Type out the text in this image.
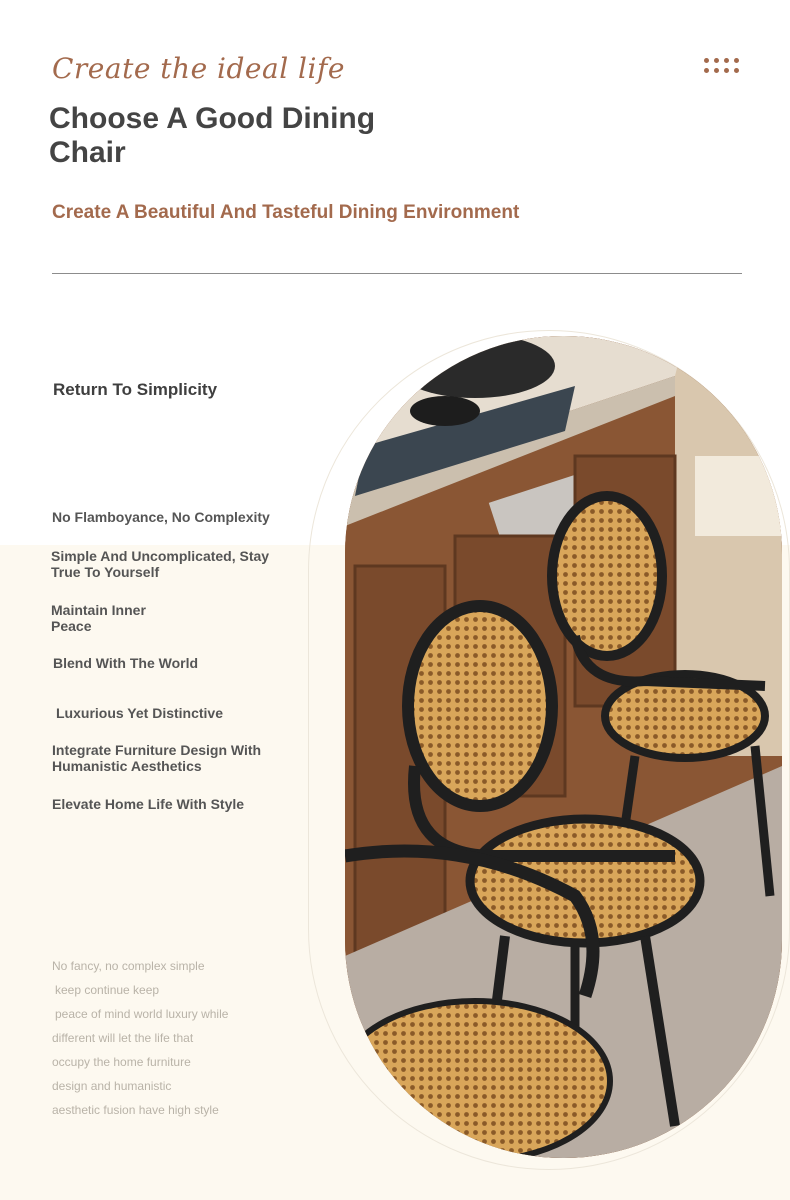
Create the ideal life
Choose A Good Dining Chair
Create A Beautiful And Tasteful Dining Environment
Return To Simplicity
No Flamboyance, No Complexity
Simple And Uncomplicated, Stay True To Yourself
Maintain Inner Peace
Blend With The World
Luxurious Yet Distinctive
Integrate Furniture Design With Humanistic Aesthetics
Elevate Home Life With Style
No fancy, no complex simple
keep continue keep
peace of mind world luxury while
different will let the life that
occupy the home furniture
design and humanistic
aesthetic fusion have high style
